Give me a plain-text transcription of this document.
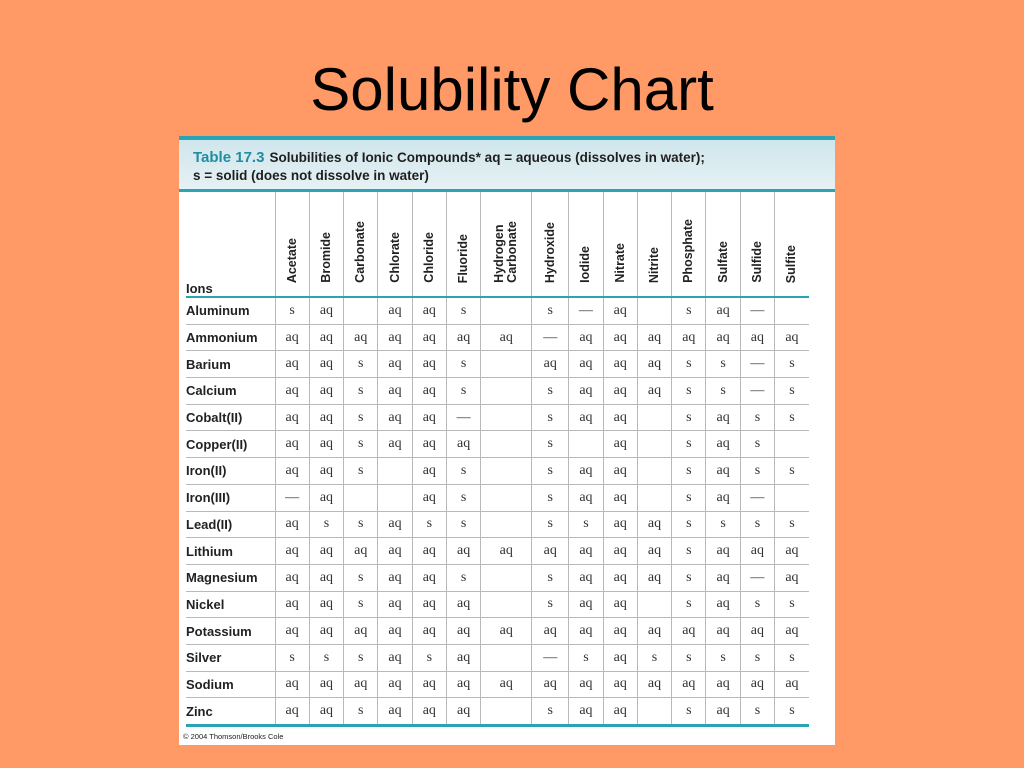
Solubility Chart
Table 17.3 Solubilities of Ionic Compounds* aq = aqueous (dissolves in water);
s = solid (does not dissolve in water)
Ions	Acetate	Bromide	Carbonate	Chlorate	Chloride	Fluoride	Hydrogen
Carbonate	Hydroxide	Iodide	Nitrate	Nitrite	Phosphate	Sulfate	Sulfide	Sulfite

Aluminum	s	aq		aq	aq	s		s	—	aq		s	aq	—	
Ammonium	aq	aq	aq	aq	aq	aq	aq	—	aq	aq	aq	aq	aq	aq	aq
Barium	aq	aq	s	aq	aq	s		aq	aq	aq	aq	s	s	—	s
Calcium	aq	aq	s	aq	aq	s		s	aq	aq	aq	s	s	—	s
Cobalt(II)	aq	aq	s	aq	aq	—		s	aq	aq		s	aq	s	s
Copper(II)	aq	aq	s	aq	aq	aq		s		aq		s	aq	s	
Iron(II)	aq	aq	s		aq	s		s	aq	aq		s	aq	s	s
Iron(III)	—	aq			aq	s		s	aq	aq		s	aq	—	
Lead(II)	aq	s	s	aq	s	s		s	s	aq	aq	s	s	s	s
Lithium	aq	aq	aq	aq	aq	aq	aq	aq	aq	aq	aq	s	aq	aq	aq
Magnesium	aq	aq	s	aq	aq	s		s	aq	aq	aq	s	aq	—	aq
Nickel	aq	aq	s	aq	aq	aq		s	aq	aq		s	aq	s	s
Potassium	aq	aq	aq	aq	aq	aq	aq	aq	aq	aq	aq	aq	aq	aq	aq
Silver	s	s	s	aq	s	aq		—	s	aq	s	s	s	s	s
Sodium	aq	aq	aq	aq	aq	aq	aq	aq	aq	aq	aq	aq	aq	aq	aq
Zinc	aq	aq	s	aq	aq	aq		s	aq	aq		s	aq	s	s
© 2004 Thomson/Brooks Cole
